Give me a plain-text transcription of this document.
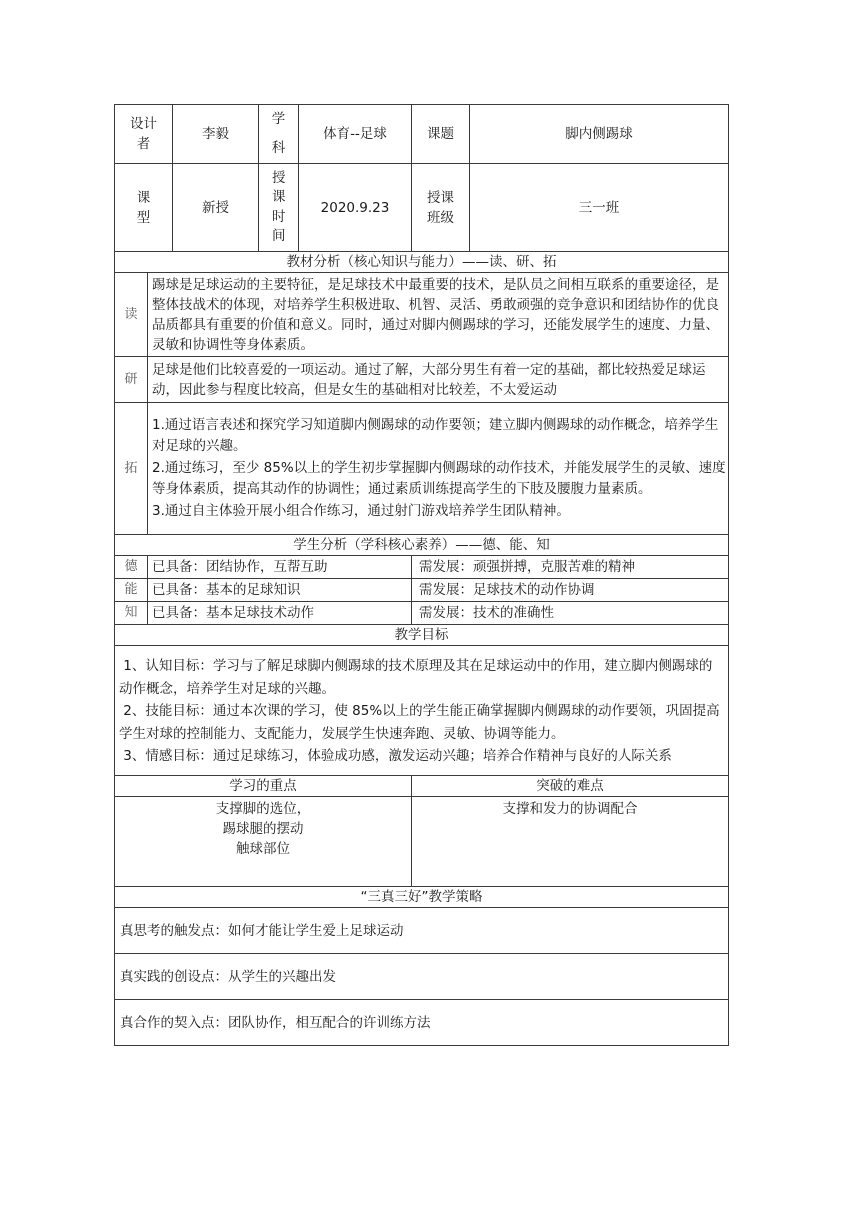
设计者		李毅	学科	体育--足球	课题	脚内侧踢球
课型		新授	授课时间	2020.9.23	授课班级	三一班
教材分析（核心知识与能力）——读、研、拓						
读	踢球是足球运动的主要特征，是足球技术中最重要的技术，是队员之间相互联系的重要途径，是整体技战术的体现，对培养学生积极进取、机智、灵活、勇敢顽强的竞争意识和团结协作的优良品质都具有重要的价值和意义。同时，通过对脚内侧踢球的学习，还能发展学生的速度、力量、灵敏和协调性等身体素质。					
研	足球是他们比较喜爱的一项运动。通过了解，大部分男生有着一定的基础，都比较热爱足球运动，因此参与程度比较高，但是女生的基础相对比较差，不太爱运动					
拓	1.通过语言表述和探究学习知道脚内侧踢球的动作要领；建立脚内侧踢球的动作概念，培养学生对足球的兴趣。
2.通过练习，至少 85%以上的学生初步掌握脚内侧踢球的动作技术，并能发展学生的灵敏、速度等身体素质，提高其动作的协调性；通过素质训练提高学生的下肢及腰腹力量素质。
3.通过自主体验开展小组合作练习，通过射门游戏培养学生团队精神。					

学生分析（学科核心素养）——德、能、知						
德	已具备：团结协作，互帮互助				需发展：顽强拼搏，克服苦难的精神	
能	已具备：基本的足球知识				需发展：足球技术的动作协调	
知	已具备：基本足球技术动作				需发展：技术的准确性	
教学目标						

1、认知目标：学习与了解足球脚内侧踢球的技术原理及其在足球运动中的作用，建立脚内侧踢球的动作概念，培养学生对足球的兴趣。
2、技能目标：通过本次课的学习，使 85%以上的学生能正确掌握脚内侧踢球的动作要领，巩固提高学生对球的控制能力、支配能力，发展学生快速奔跑、灵敏、协调等能力。
3、情感目标：通过足球练习，体验成功感，激发运动兴趣；培养合作精神与良好的人际关系						

学习的重点					突破的难点	

支撑脚的选位，
踢球腿的摆动
触球部位					支撑和发力的协调配合	
“三真三好”教学策略						
真思考的触发点：如何才能让学生爱上足球运动						
真实践的创设点：从学生的兴趣出发						
真合作的契入点：团队协作，相互配合的许训练方法						
